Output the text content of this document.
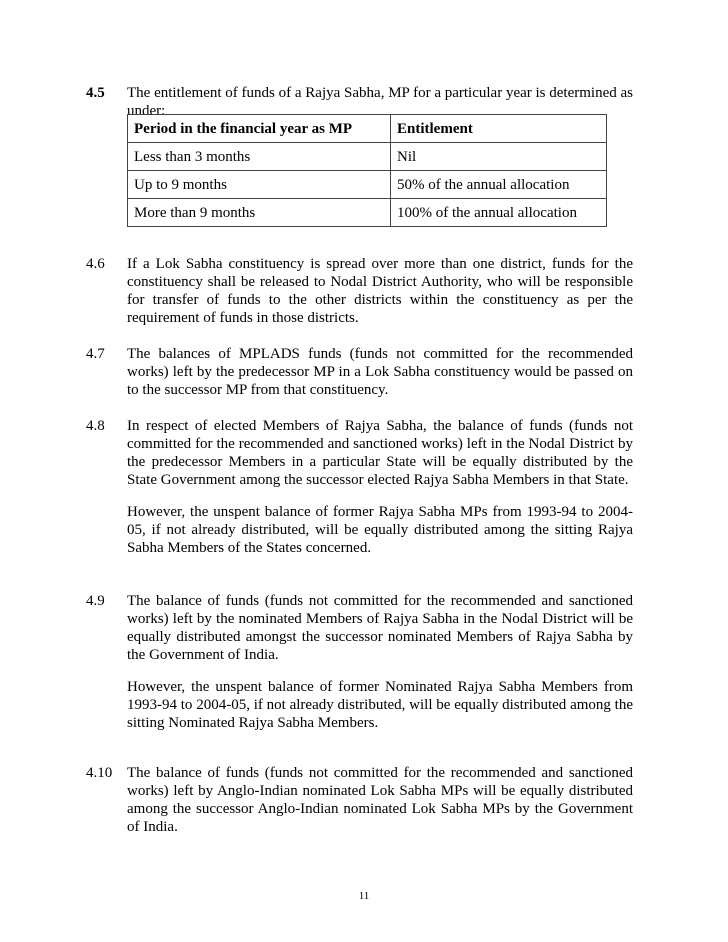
4.5	The entitlement of funds of a Rajya Sabha, MP for a particular year is determined as under:

Period in the financial year as MP	Entitlement
Less than 3 months	Nil
Up to 9 months	50% of the annual allocation
More than 9 months	100% of the annual allocation
4.6	If a Lok Sabha constituency is spread over more than one district, funds for the constituency shall be released to Nodal District Authority, who will be responsible for transfer of funds to the other districts within the constituency as per the requirement of funds in those districts.

4.7	The balances of MPLADS funds (funds not committed for the recommended works) left by the predecessor MP in a Lok Sabha constituency would be passed on to the successor MP from that constituency.

4.8	In respect of elected Members of Rajya Sabha, the balance of funds (funds not committed for the recommended and sanctioned works) left in the Nodal District by the predecessor Members in a particular State will be equally distributed by the State Government among the successor elected Rajya Sabha Members in that State.

However, the unspent balance of former Rajya Sabha MPs from 1993-94 to 2004-05, if not already distributed, will be equally distributed among the sitting Rajya Sabha Members of the States concerned.

4.9	The balance of funds (funds not committed for the recommended and sanctioned works) left by the nominated Members of Rajya Sabha in the Nodal District will be equally distributed amongst the successor nominated Members of Rajya Sabha by the Government of India.

However, the unspent balance of former Nominated Rajya Sabha Members from 1993-94 to 2004-05, if not already distributed, will be equally distributed among the sitting Nominated Rajya Sabha Members.

4.10 The balance of funds (funds not committed for the recommended and sanctioned works) left by Anglo-Indian nominated Lok Sabha MPs will be equally distributed among the successor Anglo-Indian nominated Lok Sabha MPs by the Government of India.

11
